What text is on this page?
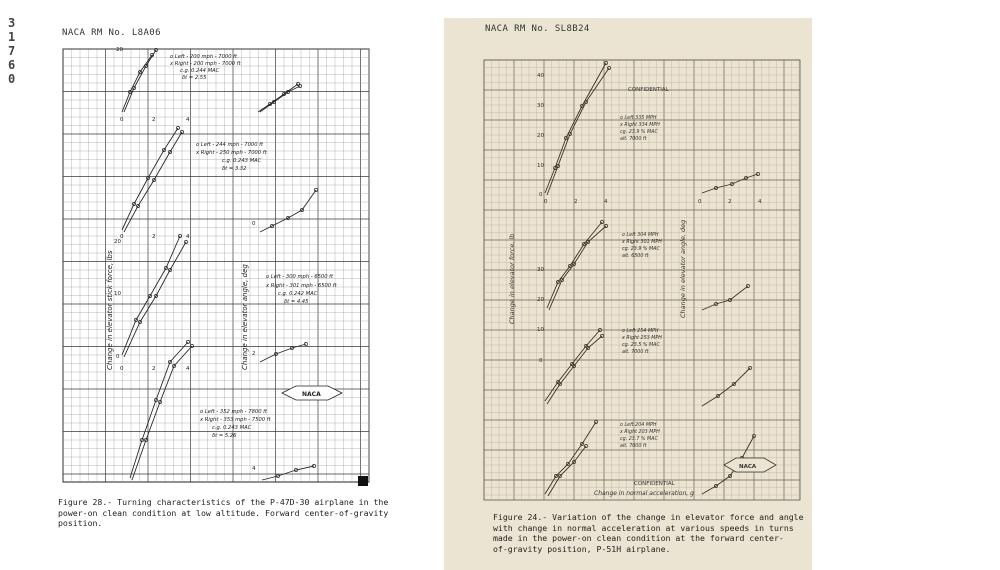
3
1
7
6
0
NACA RM No. L8A06
Change in elevator stick force, lbs	Change in elevator angle, deg
20
0	2	4
0	2	4
0	2	4
0
10
20
0
2
4
o Left - 200 mph - 7000 ft
x Right - 200 mph - 7000 ft
c.g. 0.244 MAC
δt = 2.55
o Left - 244 mph - 7000 ft
x Right - 250 mph - 7000 ft
c.g. 0.243 MAC
δt = 3.32
o Left - 300 mph - 6500 ft
x Right - 301 mph - 6500 ft
c.g. 0.242 MAC
δt = 4.45
o Left - 352 mph - 7800 ft
x Right - 353 mph - 7500 ft
c.g. 0.243 MAC
δt = 5.26
NACA
Figure 28.- Turning characteristics of the P-47D-30 airplane in the
power-on clean condition at low altitude. Forward center-of-gravity
position.
NACA RM No. SL8B24
CONFIDENTIAL
CONFIDENTIAL
Change in elevator force, lb	Change in elevator angle, deg
Change in normal acceleration, g
40
30
20
10
0
30
20
10
0
0	2	4	0	2	4
o Left 335 MPH
x Right 334 MPH
cg. 23.9 % MAC
alt. 7000 ft
o Left 304 MPH
x Right 301 MPH
cg. 23.9 % MAC
alt. 6500 ft
o Left 254 MPH
x Right 253 MPH
cg. 23.5 % MAC
alt. 7000 ft
o Left 204 MPH
x Right 203 MPH
cg. 23.7 % MAC
alt. 7000 ft
NACA
Figure 24.- Variation of the change in elevator force and angle
with change in normal acceleration at various speeds in turns
made in the power-on clean condition at the forward center-
of-gravity position, P-51H airplane.
